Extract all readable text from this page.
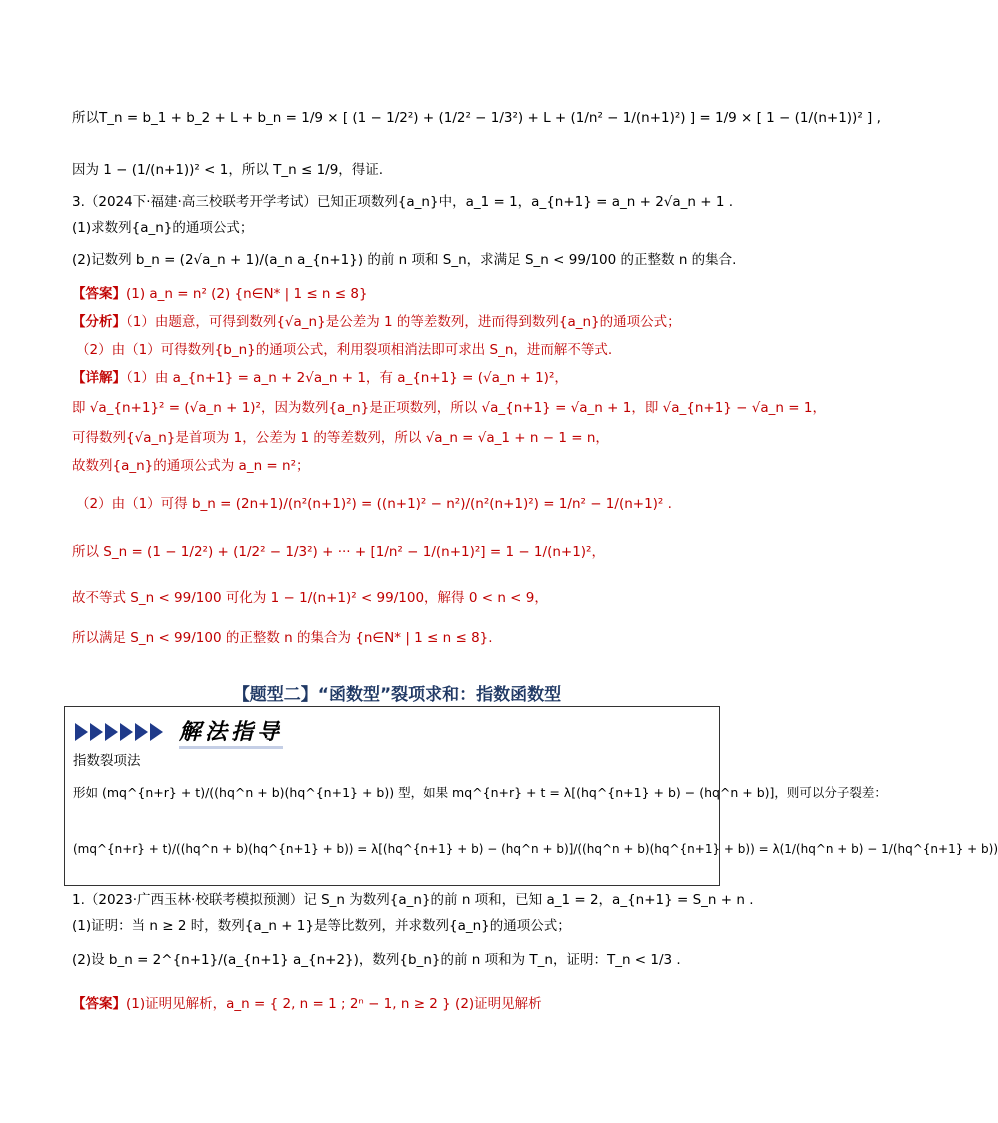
所以T_n = b_1 + b_2 + L + b_n = 1/9 × [ (1 − 1/2²) + (1/2² − 1/3²) + L + (1/n² − 1/(n+1)²) ] = 1/9 × [ 1 − (1/(n+1))² ] ,
因为 1 − (1/(n+1))² < 1，所以 T_n ≤ 1/9，得证.
3.（2024下·福建·高三校联考开学考试）已知正项数列{a_n}中，a_1 = 1，a_{n+1} = a_n + 2√a_n + 1 .
(1)求数列{a_n}的通项公式；
(2)记数列 b_n = (2√a_n + 1)/(a_n a_{n+1}) 的前 n 项和 S_n，求满足 S_n < 99/100 的正整数 n 的集合.
【答案】(1) a_n = n² (2) {n∈N* | 1 ≤ n ≤ 8}
【分析】（1）由题意，可得到数列{√a_n}是公差为 1 的等差数列，进而得到数列{a_n}的通项公式；
（2）由（1）可得数列{b_n}的通项公式，利用裂项相消法即可求出 S_n，进而解不等式.
【详解】（1）由 a_{n+1} = a_n + 2√a_n + 1，有 a_{n+1} = (√a_n + 1)²，
即 √a_{n+1}² = (√a_n + 1)²，因为数列{a_n}是正项数列，所以 √a_{n+1} = √a_n + 1，即 √a_{n+1} − √a_n = 1，
可得数列{√a_n}是首项为 1，公差为 1 的等差数列，所以 √a_n = √a_1 + n − 1 = n，
故数列{a_n}的通项公式为 a_n = n²；
（2）由（1）可得 b_n = (2n+1)/(n²(n+1)²) = ((n+1)² − n²)/(n²(n+1)²) = 1/n² − 1/(n+1)² .
所以 S_n = (1 − 1/2²) + (1/2² − 1/3²) + ··· + [1/n² − 1/(n+1)²] = 1 − 1/(n+1)²，
故不等式 S_n < 99/100 可化为 1 − 1/(n+1)² < 99/100，解得 0 < n < 9，
所以满足 S_n < 99/100 的正整数 n 的集合为 {n∈N* | 1 ≤ n ≤ 8}.
【题型二】“函数型”裂项求和：指数函数型
解法指导
指数裂项法
形如 (mq^{n+r} + t)/((hq^n + b)(hq^{n+1} + b)) 型，如果 mq^{n+r} + t = λ[(hq^{n+1} + b) − (hq^n + b)]，则可以分子裂差：
(mq^{n+r} + t)/((hq^n + b)(hq^{n+1} + b)) = λ[(hq^{n+1} + b) − (hq^n + b)]/((hq^n + b)(hq^{n+1} + b)) = λ(1/(hq^n + b) − 1/(hq^{n+1} + b))
1.（2023·广西玉林·校联考模拟预测）记 S_n 为数列{a_n}的前 n 项和，已知 a_1 = 2，a_{n+1} = S_n + n .
(1)证明：当 n ≥ 2 时，数列{a_n + 1}是等比数列，并求数列{a_n}的通项公式；
(2)设 b_n = 2^{n+1}/(a_{n+1} a_{n+2})，数列{b_n}的前 n 项和为 T_n，证明：T_n < 1/3 .
【答案】(1)证明见解析，a_n = { 2, n = 1 ; 2ⁿ − 1, n ≥ 2 } (2)证明见解析
